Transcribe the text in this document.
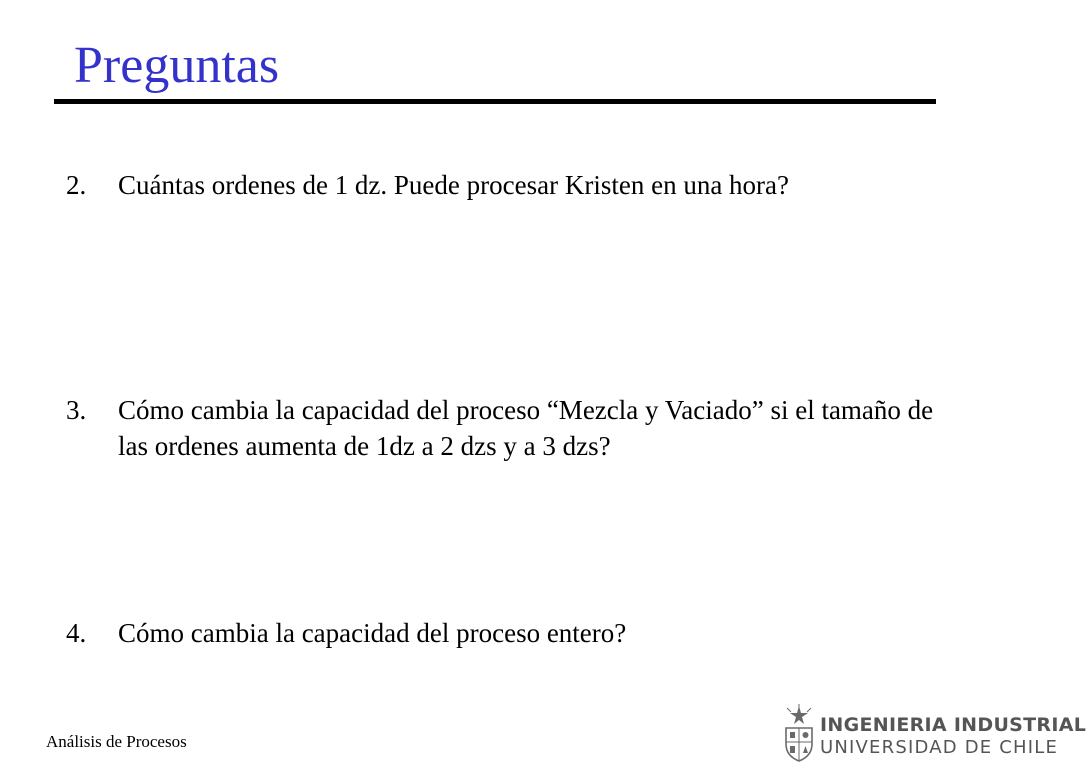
Preguntas
2.	Cuántas ordenes de 1 dz. Puede procesar Kristen en una hora?
3.	Cómo cambia la capacidad del proceso “Mezcla y Vaciado” si el tamaño de las ordenes aumenta de 1dz a 2 dzs y a 3 dzs?
4.	Cómo cambia la capacidad del proceso entero?
Análisis de Procesos
INGENIERIA INDUSTRIAL
UNIVERSIDAD DE CHILE
